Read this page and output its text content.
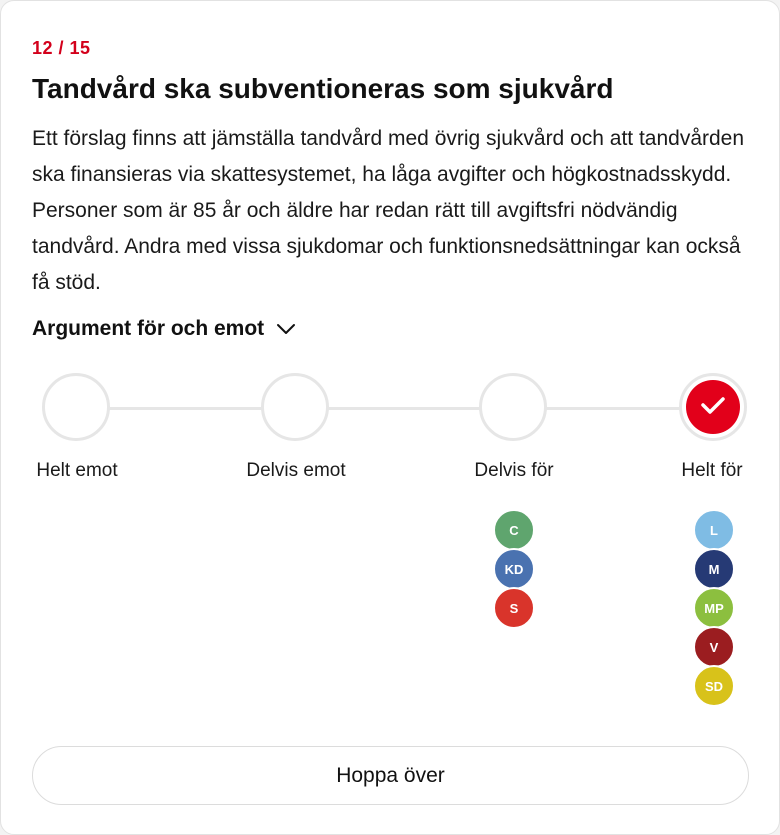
12 / 15
Tandvård ska subventioneras som sjukvård

Ett förslag finns att jämställa tandvård med övrig sjukvård och att tandvården ska finansieras via skattesystemet, ha låga avgifter och högkostnadsskydd. Personer som är 85 år och äldre har redan rätt till avgiftsfri nödvändig tandvård. Andra med vissa sjukdomar och funktionsnedsättningar kan också få stöd.

Argument för och emot
Helt emot	Delvis emot	Delvis för	Helt för
C
KD
S
L
M
MP
V
SD
Hoppa över
